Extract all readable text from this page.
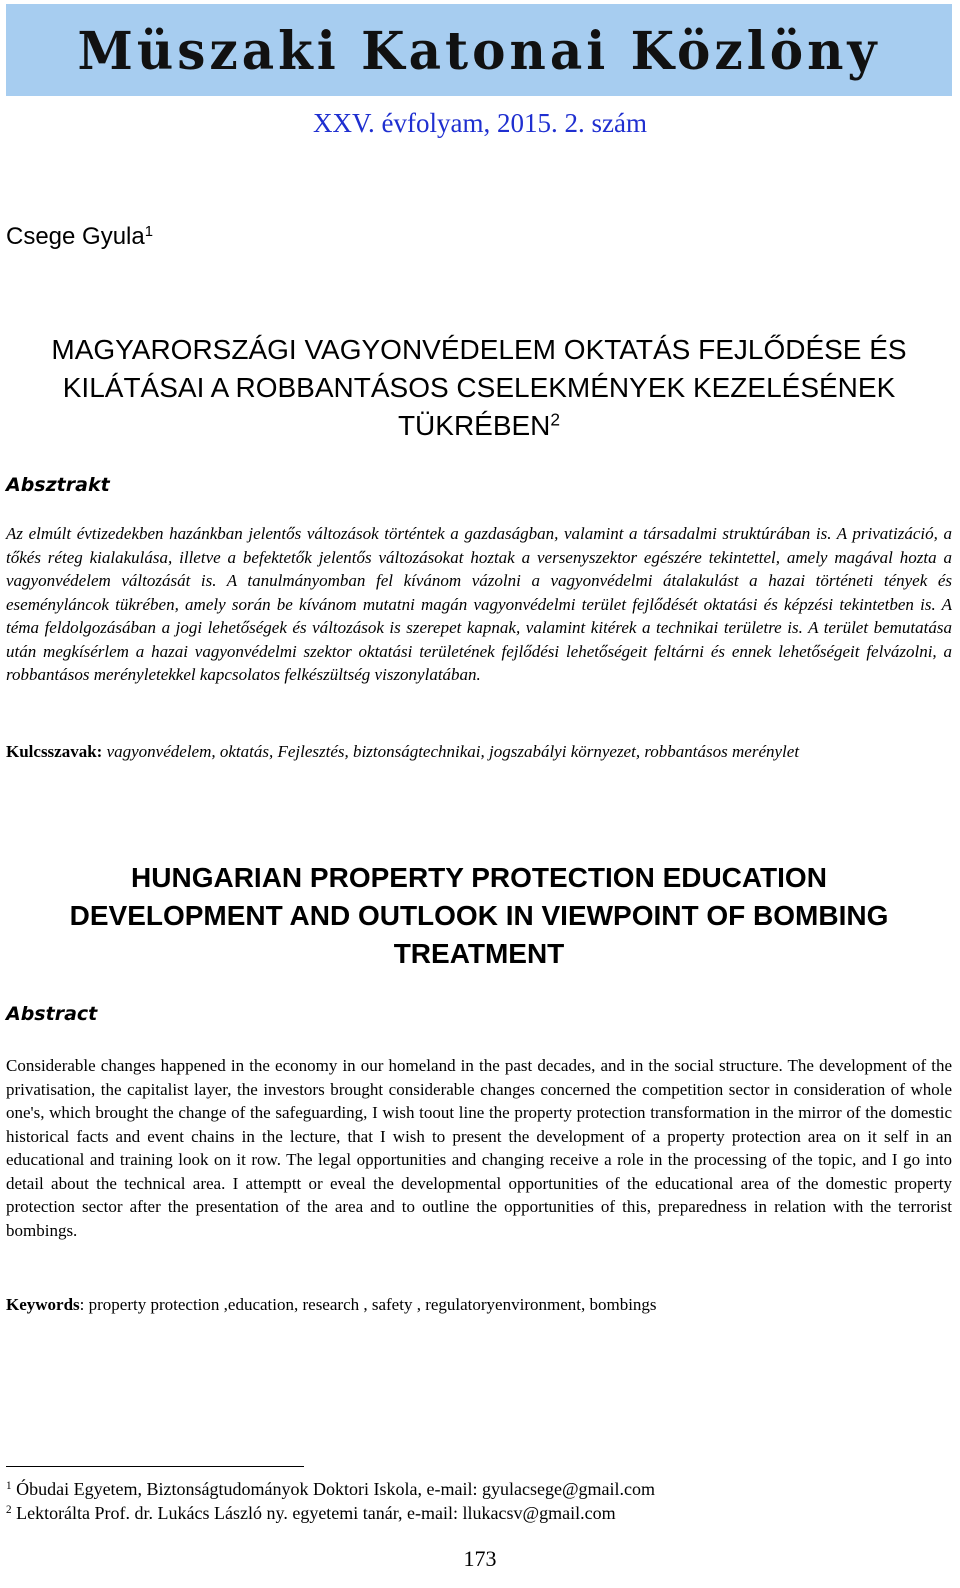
Müszaki Katonai Közlöny
XXV. évfolyam, 2015. 2. szám
Csege Gyula$^1$
MAGYARORSZÁGI VAGYONVÉDELEM OKTATÁS FEJLŐDÉSE ÉS
KILÁTÁSAI A ROBBANTÁSOS CSELEKMÉNYEK KEZELÉSÉNEK
TÜKRÉBEN$^2$
Absztrakt

Az elmúlt évtizedekben hazánkban jelentős változások történtek a gazdaságban, valamint a társadalmi struktúrában is. A privatizáció, a tőkés réteg kialakulása, illetve a befektetők jelentős változásokat hoztak a versenyszektor egészére tekintettel, amely magával hozta a vagyonvédelem változását is. A tanulmányomban fel kívánom vázolni a vagyonvédelmi átalakulást a hazai történeti tények és eseményláncok tükrében, amely során be kívánom mutatni magán vagyonvédelmi terület fejlődését oktatási és képzési tekintetben is. A téma feldolgozásában a jogi lehetőségek és változások is szerepet kapnak, valamint kitérek a technikai területre is. A terület bemutatása után megkísérlem a hazai vagyonvédelmi szektor oktatási területének fejlődési lehetőségeit feltárni és ennek lehetőségeit felvázolni, a robbantásos merényletekkel kapcsolatos felkészültség viszonylatában.

Kulcsszavak: vagyonvédelem, oktatás, Fejlesztés, biztonságtechnikai, jogszabályi környezet, robbantásos merénylet

HUNGARIAN PROPERTY PROTECTION EDUCATION
DEVELOPMENT AND OUTLOOK IN VIEWPOINT OF BOMBING
TREATMENT
Abstract

Considerable changes happened in the economy in our homeland in the past decades, and in the social structure. The development of the privatisation, the capitalist layer, the investors brought considerable changes concerned the competition sector in consideration of whole one's, which brought the change of the safeguarding, I wish toout line the property protection transformation in the mirror of the domestic historical facts and event chains in the lecture, that I wish to present the development of a property protection area on it self in an educational and training look on it row. The legal opportunities and changing receive a role in the processing of the topic, and I go into detail about the technical area. I attemptt or eveal the developmental opportunities of the educational area of the domestic property protection sector after the presentation of the area and to outline the opportunities of this, preparedness in relation with the terrorist bombings.

Keywords: property protection ,education, research , safety , regulatoryenvironment, bombings

$^1$ Óbudai Egyetem, Biztonságtudományok Doktori Iskola, e-mail: gyulacsege@gmail.com
$^2$ Lektorálta Prof. dr. Lukács László ny. egyetemi tanár, e-mail: llukacsv@gmail.com
173
